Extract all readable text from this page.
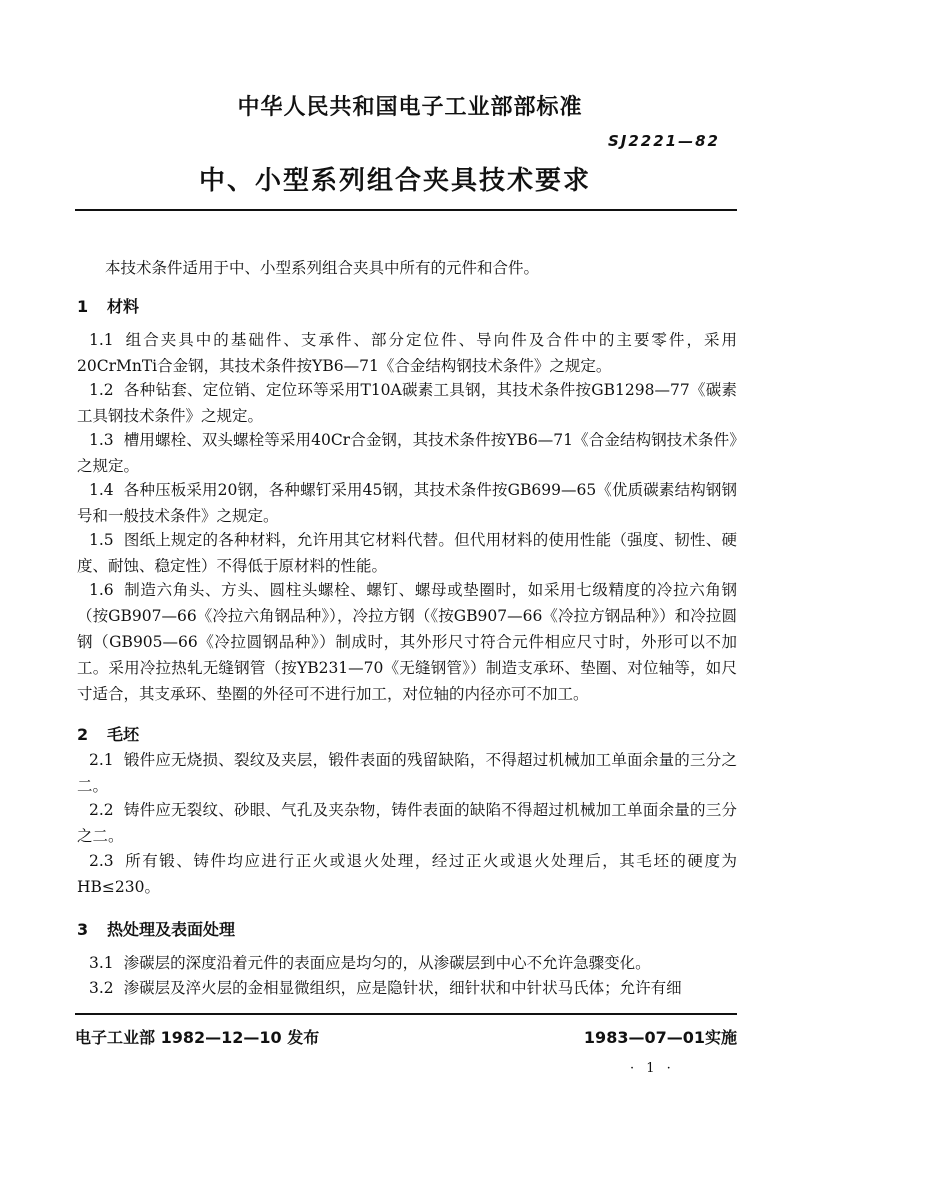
中华人民共和国电子工业部部标准
SJ2221—82
中、小型系列组合夹具技术要求
本技术条件适用于中、小型系列组合夹具中所有的元件和合件。
1 材料
1.1 组合夹具中的基础件、支承件、部分定位件、导向件及合件中的主要零件，采用20CrMnTi合金钢，其技术条件按YB6—71《合金结构钢技术条件》之规定。
1.2 各种钻套、定位销、定位环等采用T10A碳素工具钢，其技术条件按GB1298—77《碳素工具钢技术条件》之规定。
1.3 槽用螺栓、双头螺栓等采用40Cr合金钢，其技术条件按YB6—71《合金结构钢技术条件》之规定。
1.4 各种压板采用20钢，各种螺钉采用45钢，其技术条件按GB699—65《优质碳素结构钢钢号和一般技术条件》之规定。
1.5 图纸上规定的各种材料，允许用其它材料代替。但代用材料的使用性能（强度、韧性、硬度、耐蚀、稳定性）不得低于原材料的性能。
1.6 制造六角头、方头、圆柱头螺栓、螺钉、螺母或垫圈时，如采用七级精度的冷拉六角钢（按GB907—66《冷拉六角钢品种》），冷拉方钢（《按GB907—66《冷拉方钢品种》）和冷拉圆钢（GB905—66《冷拉圆钢品种》）制成时，其外形尺寸符合元件相应尺寸时，外形可以不加工。采用冷拉热轧无缝钢管（按YB231—70《无缝钢管》）制造支承环、垫圈、对位轴等，如尺寸适合，其支承环、垫圈的外径可不进行加工，对位轴的内径亦可不加工。
2 毛坯
2.1 锻件应无烧损、裂纹及夹层，锻件表面的残留缺陷，不得超过机械加工单面余量的三分之二。
2.2 铸件应无裂纹、砂眼、气孔及夹杂物，铸件表面的缺陷不得超过机械加工单面余量的三分之二。
2.3 所有锻、铸件均应进行正火或退火处理，经过正火或退火处理后，其毛坯的硬度为HB≤230。
3 热处理及表面处理
3.1 渗碳层的深度沿着元件的表面应是均匀的，从渗碳层到中心不允许急骤变化。
3.2 渗碳层及淬火层的金相显微组织，应是隐针状，细针状和中针状马氏体；允许有细
电子工业部 1982—12—10 发布	1983—07—01实施
· 1 ·
